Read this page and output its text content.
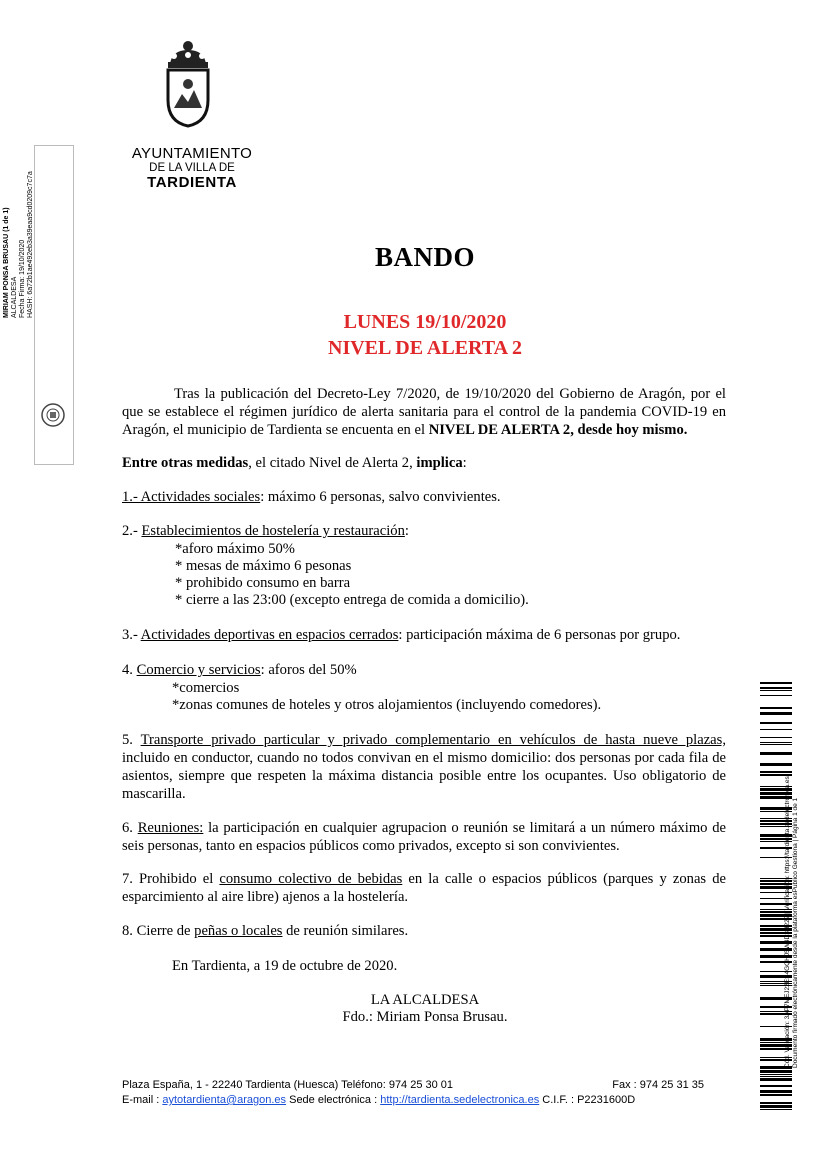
AYUNTAMIENTO
DE LA VILLA DE
TARDIENTA
MIRIAM PONSA BRUSAU (1 de 1) ALCALDESA Fecha Firma: 19/10/2020 HASH: 6a72b1ae492eb3a39eaa9cd0209c7c7a	BANDO
LUNES 19/10/2020
NIVEL DE ALERTA 2
Tras la publicación del Decreto-Ley 7/2020, de 19/10/2020 del Gobierno de Aragón, por el que se establece el régimen jurídico de alerta sanitaria para el control de la pandemia COVID-19 en Aragón, el municipio de Tardienta se encuenta en el NIVEL DE ALERTA 2, desde hoy mismo.
Entre otras medidas, el citado Nivel de Alerta 2, implica:
1.- Actividades sociales: máximo 6 personas, salvo convivientes.
2.- Establecimientos de hostelería y restauración:
*aforo máximo 50%
* mesas de máximo 6 pesonas
* prohibido consumo en barra
* cierre a las 23:00 (excepto entrega de comida a domicilio).
3.- Actividades deportivas en espacios cerrados: participación máxima de 6 personas por grupo.
4. Comercio y servicios: aforos del 50%
*comercios
*zonas comunes de hoteles y otros alojamientos (incluyendo comedores).
5. Transporte privado particular y privado complementario en vehículos de hasta nueve plazas, incluido en conductor, cuando no todos convivan en el mismo domicilio: dos personas por cada fila de asientos, siempre que respeten la máxima distancia posible entre los ocupantes. Uso obligatorio de mascarilla.
6. Reuniones: la participación en cualquier agrupacion o reunión se limitará a un número máximo de seis personas, tanto en espacios públicos como privados, excepto si son convivientes.
7. Prohibido el consumo colectivo de bebidas en la calle o espacios públicos (parques y zonas de esparcimiento al aire libre) ajenos a la hostelería.
8. Cierre de peñas o locales de reunión similares.
En Tardienta, a 19 de octubre de 2020.
LA ALCALDESA
Fdo.: Miriam Ponsa Brusau.
Plaza España, 1 - 22240 Tardienta (Huesca) Teléfono: 974 25 30 01	Fax : 974 25 31 35
E-mail : aytotardienta@aragon.es Sede electrónica : http://tardienta.sedelectronica.es C.I.F. : P2231600D
Cód. Validación: 3AP7MEJ22ES4GQHJ5W4D3H222 | Verificación: https://tardienta.sedelectronica.es/ Documento firmado electrónicamente desde la plataforma esPublico Gestiona | Página 1 de 1
